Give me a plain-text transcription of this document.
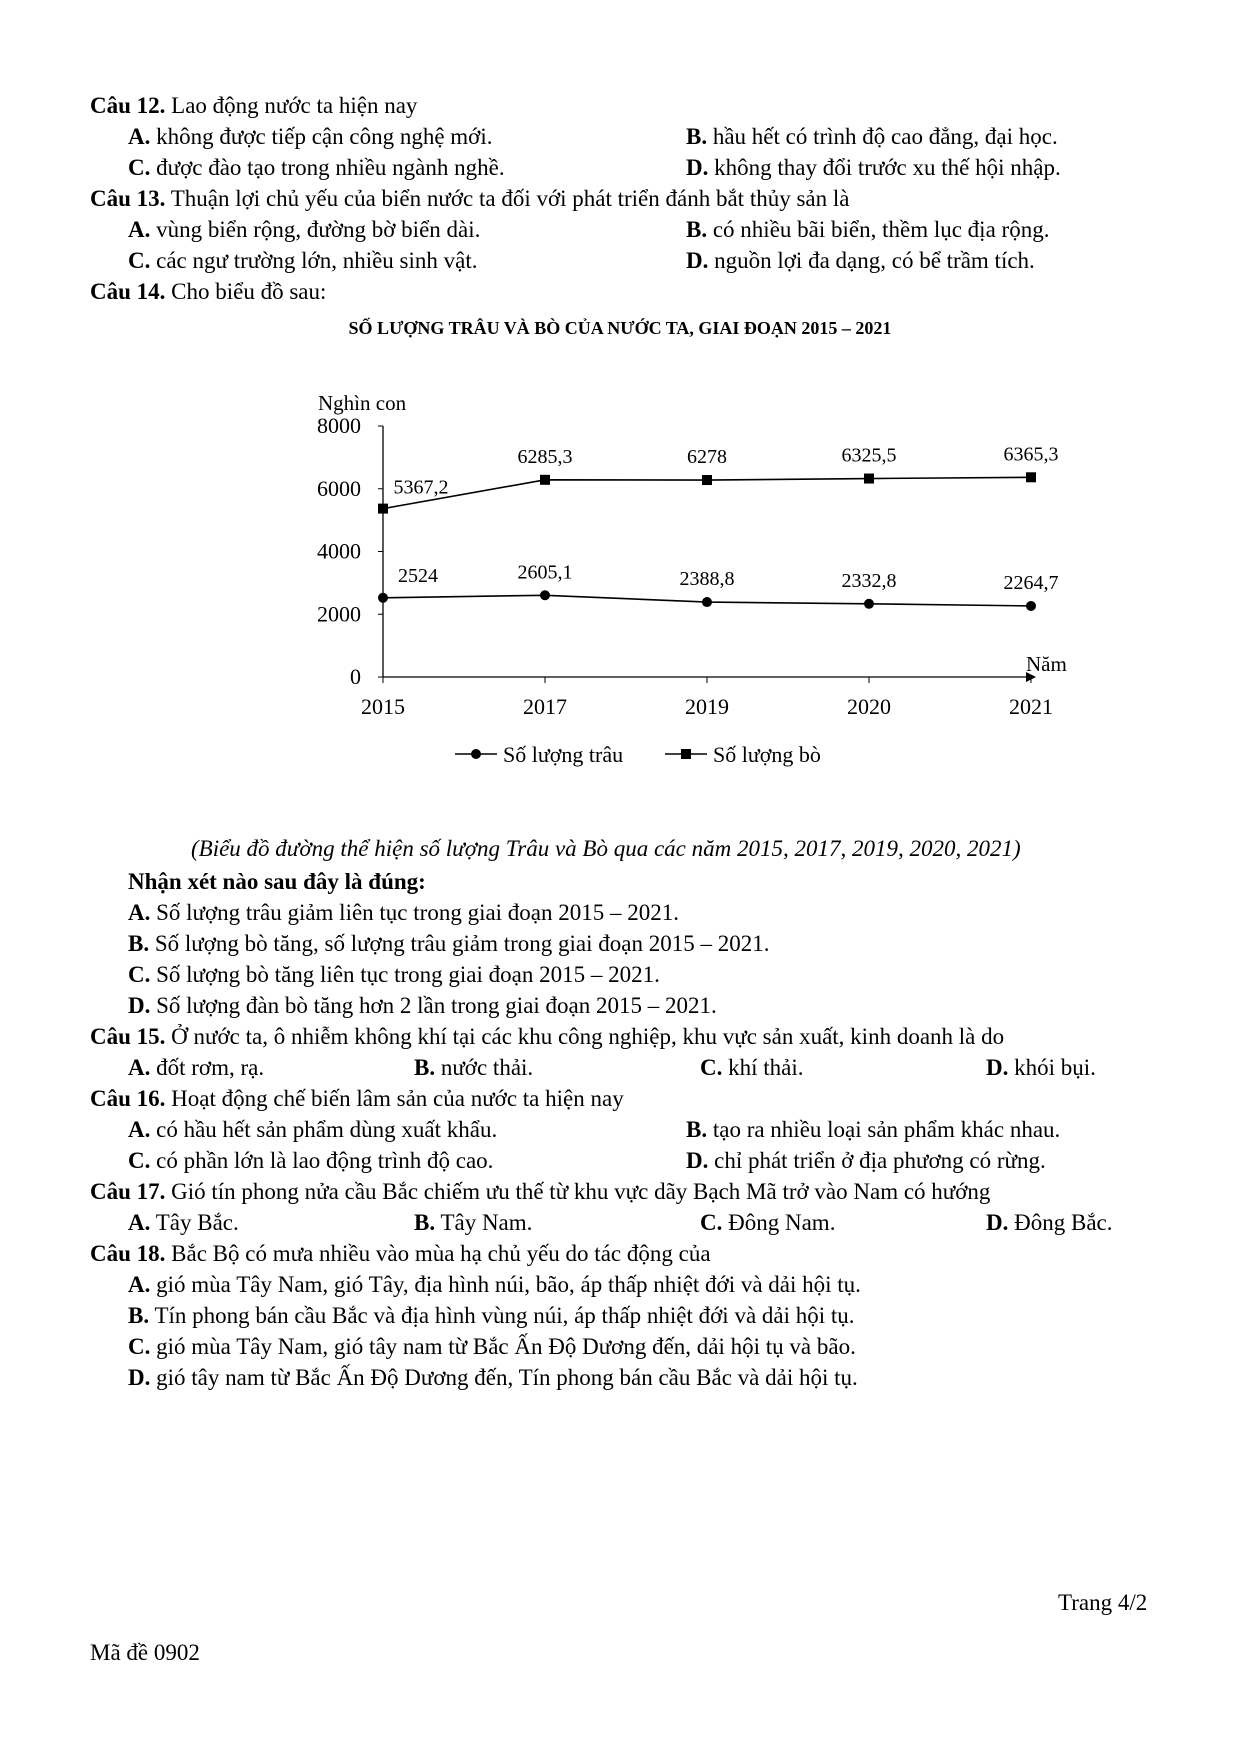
Câu 12. Lao động nước ta hiện nay
A. không được tiếp cận công nghệ mới.	B. hầu hết có trình độ cao đẳng, đại học.
C. được đào tạo trong nhiều ngành nghề.	D. không thay đổi trước xu thế hội nhập.
Câu 13. Thuận lợi chủ yếu của biển nước ta đối với phát triển đánh bắt thủy sản là
A. vùng biển rộng, đường bờ biển dài.	B. có nhiều bãi biển, thềm lục địa rộng.
C. các ngư trường lớn, nhiều sinh vật.	D. nguồn lợi đa dạng, có bể trầm tích.
Câu 14. Cho biểu đồ sau:
SỐ LƯỢNG TRÂU VÀ BÒ CỦA NƯỚC TA, GIAI ĐOẠN 2015 – 2021
0
2000
4000
6000
8000
2015	2017	2019	2020	2021
Nghìn con
Năm
2524	2605,1	2388,8	2332,8	2264,7
5367,2
6285,3	6278	6325,5	6365,3
Số lượng trâu	Số lượng bò
(Biểu đồ đường thể hiện số lượng Trâu và Bò qua các năm 2015, 2017, 2019, 2020, 2021)
Nhận xét nào sau đây là đúng:
A. Số lượng trâu giảm liên tục trong giai đoạn 2015 – 2021.
B. Số lượng bò tăng, số lượng trâu giảm trong giai đoạn 2015 – 2021.
C. Số lượng bò tăng liên tục trong giai đoạn 2015 – 2021.
D. Số lượng đàn bò tăng hơn 2 lần trong giai đoạn 2015 – 2021.
Câu 15. Ở nước ta, ô nhiễm không khí tại các khu công nghiệp, khu vực sản xuất, kinh doanh là do
A. đốt rơm, rạ.	B. nước thải.	C. khí thải.	D. khói bụi.
Câu 16. Hoạt động chế biến lâm sản của nước ta hiện nay
A. có hầu hết sản phẩm dùng xuất khẩu.	B. tạo ra nhiều loại sản phẩm khác nhau.
C. có phần lớn là lao động trình độ cao.	D. chỉ phát triển ở địa phương có rừng.
Câu 17. Gió tín phong nửa cầu Bắc chiếm ưu thế từ khu vực dãy Bạch Mã trở vào Nam có hướng
A. Tây Bắc.	B. Tây Nam.	C. Đông Nam.	D. Đông Bắc.
Câu 18. Bắc Bộ có mưa nhiều vào mùa hạ chủ yếu do tác động của
A. gió mùa Tây Nam, gió Tây, địa hình núi, bão, áp thấp nhiệt đới và dải hội tụ.
B. Tín phong bán cầu Bắc và địa hình vùng núi, áp thấp nhiệt đới và dải hội tụ.
C. gió mùa Tây Nam, gió tây nam từ Bắc Ấn Độ Dương đến, dải hội tụ và bão.
D. gió tây nam từ Bắc Ấn Độ Dương đến, Tín phong bán cầu Bắc và dải hội tụ.
Trang 4/2
Mã đề 0902
